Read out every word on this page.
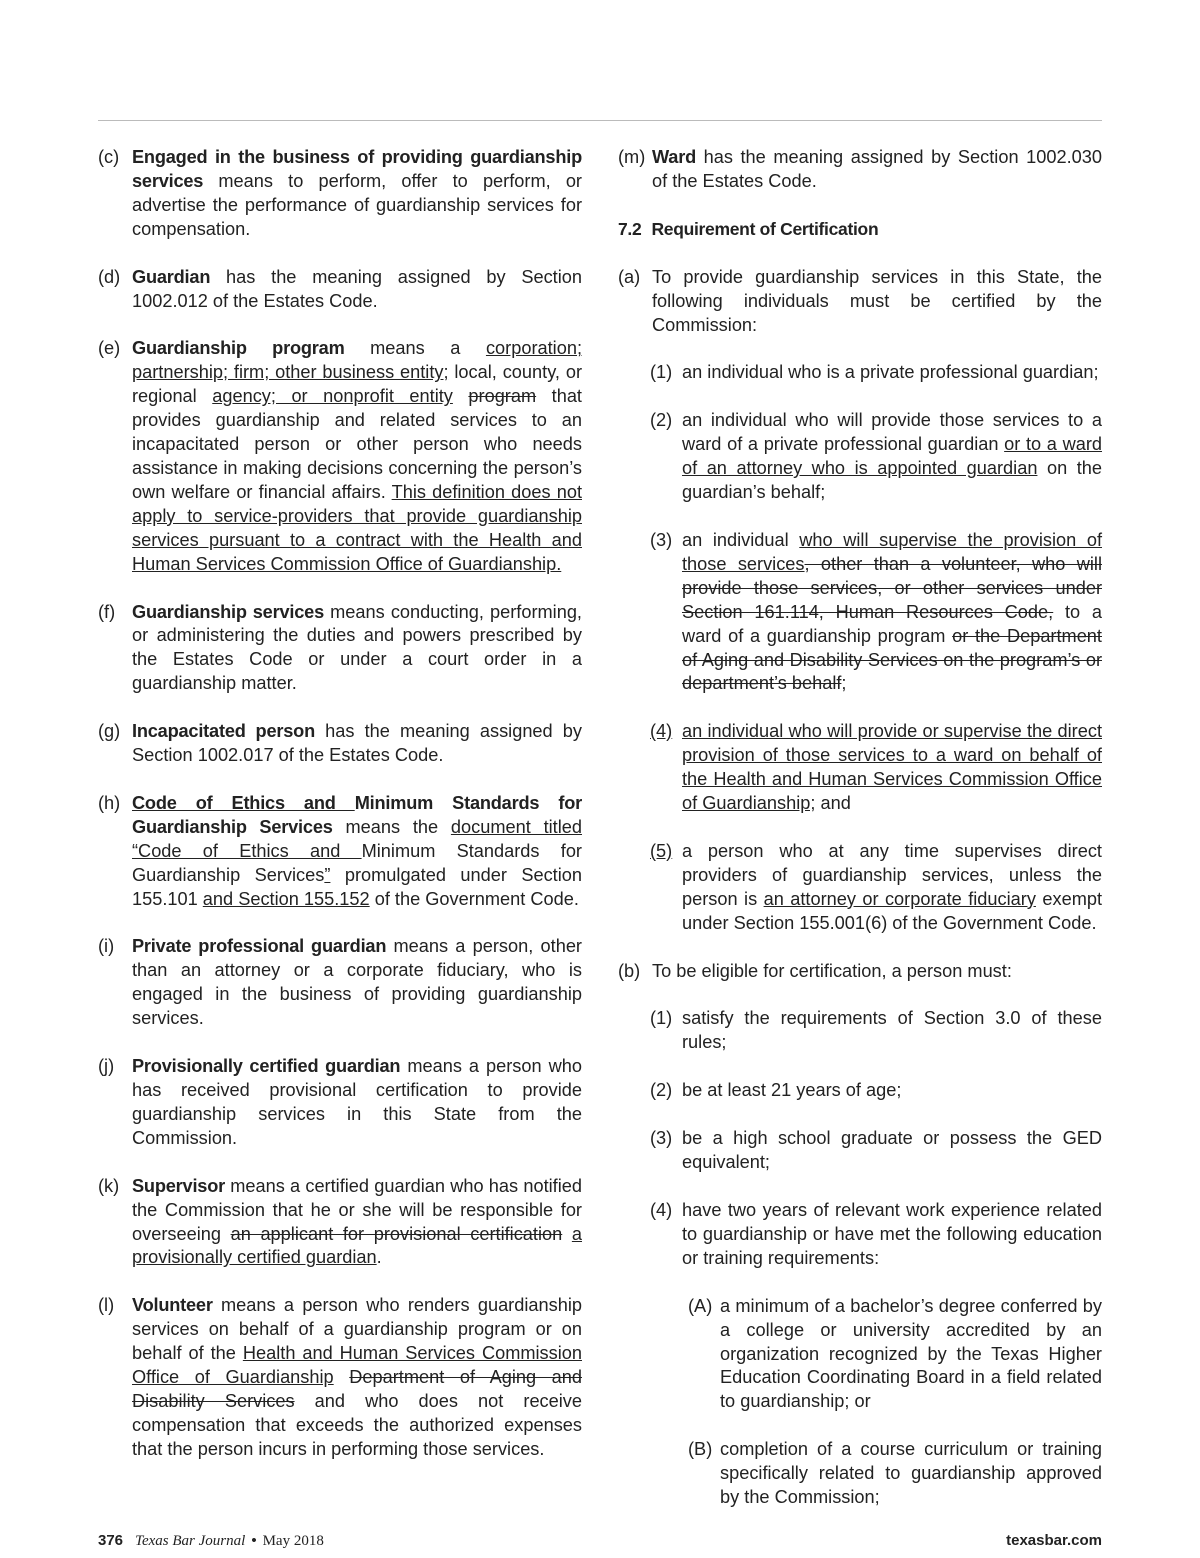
(c) Engaged in the business of providing guardianship services means to perform, offer to perform, or advertise the performance of guardianship services for compensation.
(d) Guardian has the meaning assigned by Section 1002.012 of the Estates Code.
(e) Guardianship program means a corporation; partnership; firm; other business entity; local, county, or regional agency; or nonprofit entity program that provides guardianship and related services to an incapacitated person or other person who needs assistance in making decisions concerning the person’s own welfare or financial affairs. This definition does not apply to service-providers that provide guardianship services pursuant to a contract with the Health and Human Services Commission Office of Guardianship.
(f) Guardianship services means conducting, performing, or administering the duties and powers prescribed by the Estates Code or under a court order in a guardianship matter.
(g) Incapacitated person has the meaning assigned by Section 1002.017 of the Estates Code.
(h) Code of Ethics and Minimum Standards for Guardianship Services means the document titled “Code of Ethics and Minimum Standards for Guardianship Services” promulgated under Section 155.101 and Section 155.152 of the Government Code.
(i) Private professional guardian means a person, other than an attorney or a corporate fiduciary, who is engaged in the business of providing guardianship services.
(j) Provisionally certified guardian means a person who has received provisional certification to provide guardianship services in this State from the Commission.
(k) Supervisor means a certified guardian who has notified the Commission that he or she will be responsible for overseeing an applicant for provisional certification a provisionally certified guardian.
(l) Volunteer means a person who renders guardianship services on behalf of a guardianship program or on behalf of the Health and Human Services Commission Office of Guardianship Department of Aging and Disability Services and who does not receive compensation that exceeds the authorized expenses that the person incurs in performing those services.
(m) Ward has the meaning assigned by Section 1002.030 of the Estates Code.
7.2 Requirement of Certification
(a) To provide guardianship services in this State, the following individuals must be certified by the Commission:
(1) an individual who is a private professional guardian;
(2) an individual who will provide those services to a ward of a private professional guardian or to a ward of an attorney who is appointed guardian on the guardian’s behalf;
(3) an individual who will supervise the provision of those services, other than a volunteer, who will provide those services, or other services under Section 161.114, Human Resources Code, to a ward of a guardianship program or the Department of Aging and Disability Services on the program’s or department’s behalf;
(4) an individual who will provide or supervise the direct provision of those services to a ward on behalf of the Health and Human Services Commission Office of Guardianship; and
(5) a person who at any time supervises direct providers of guardianship services, unless the person is an attorney or corporate fiduciary exempt under Section 155.001(6) of the Government Code.
(b) To be eligible for certification, a person must:
(1) satisfy the requirements of Section 3.0 of these rules;
(2) be at least 21 years of age;
(3) be a high school graduate or possess the GED equivalent;
(4) have two years of relevant work experience related to guardianship or have met the following education or training requirements:
(A) a minimum of a bachelor’s degree conferred by a college or university accredited by an organization recognized by the Texas Higher Education Coordinating Board in a field related to guardianship; or
(B) completion of a course curriculum or training specifically related to guardianship approved by the Commission;
376 Texas Bar Journal • May 2018	texasbar.com
